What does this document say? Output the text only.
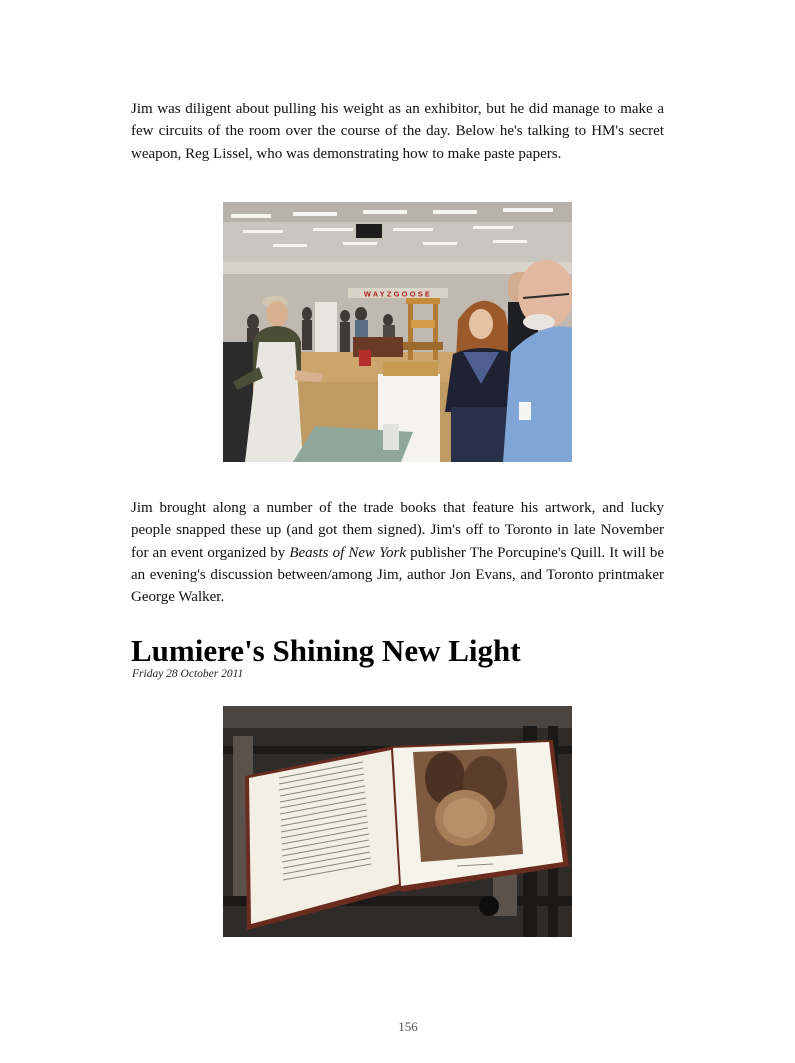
Jim was diligent about pulling his weight as an exhibitor, but he did manage to make a few circuits of the room over the course of the day. Below he's talking to HM's secret weapon, Reg Lissel, who was demonstrating how to make paste papers.

WAYZGOOSE

Jim brought along a number of the trade books that feature his artwork, and lucky people snapped these up (and got them signed). Jim's off to Toronto in late November for an event organized by Beasts of New York publisher The Porcupine's Quill. It will be an evening's discussion between/among Jim, author Jon Evans, and Toronto printmaker George Walker.

Lumiere's Shining New Light
Friday 28 October 2011
156
